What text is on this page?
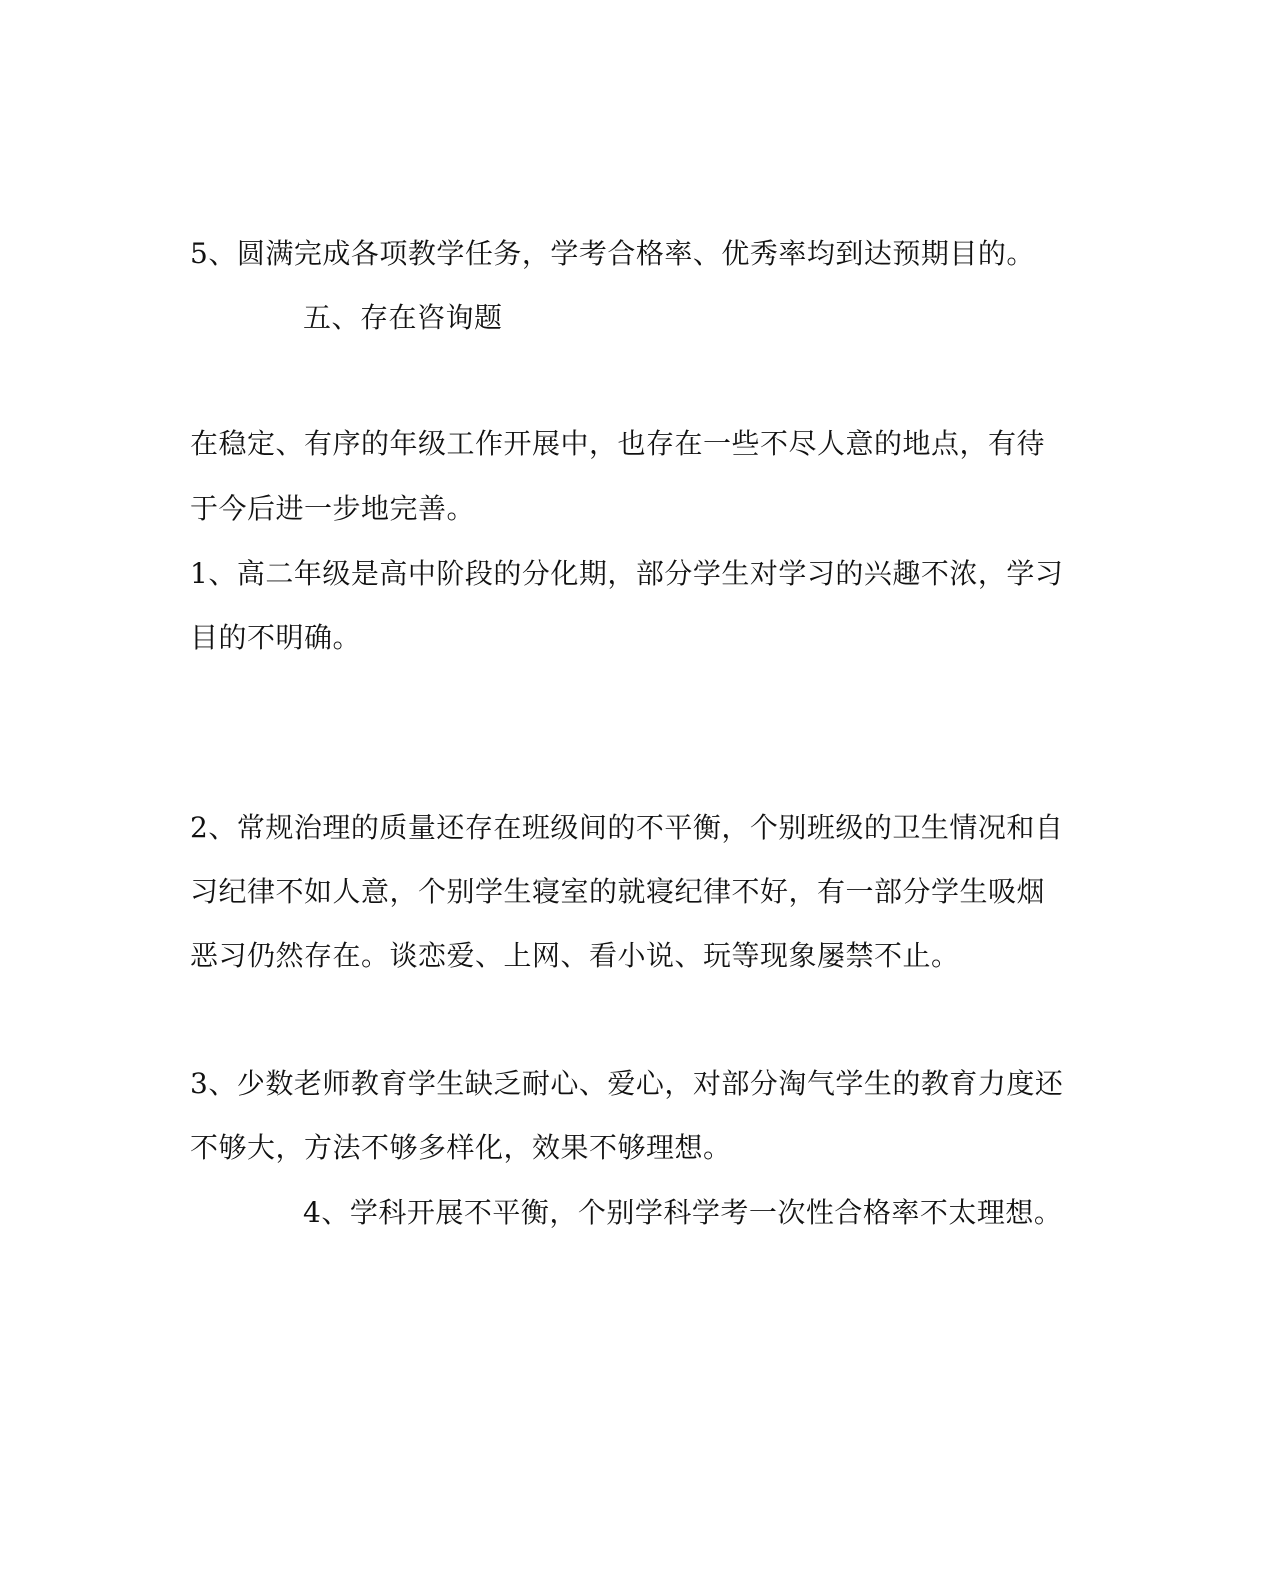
5、圆满完成各项教学任务，学考合格率、优秀率均到达预期目的。
五、存在咨询题
在稳定、有序的年级工作开展中，也存在一些不尽人意的地点，有待
于今后进一步地完善。
1、高二年级是高中阶段的分化期，部分学生对学习的兴趣不浓，学习
目的不明确。
2、常规治理的质量还存在班级间的不平衡，个别班级的卫生情况和自
习纪律不如人意，个别学生寝室的就寝纪律不好，有一部分学生吸烟
恶习仍然存在。谈恋爱、上网、看小说、玩等现象屡禁不止。
3、少数老师教育学生缺乏耐心、爱心，对部分淘气学生的教育力度还
不够大，方法不够多样化，效果不够理想。
4、学科开展不平衡，个别学科学考一次性合格率不太理想。
